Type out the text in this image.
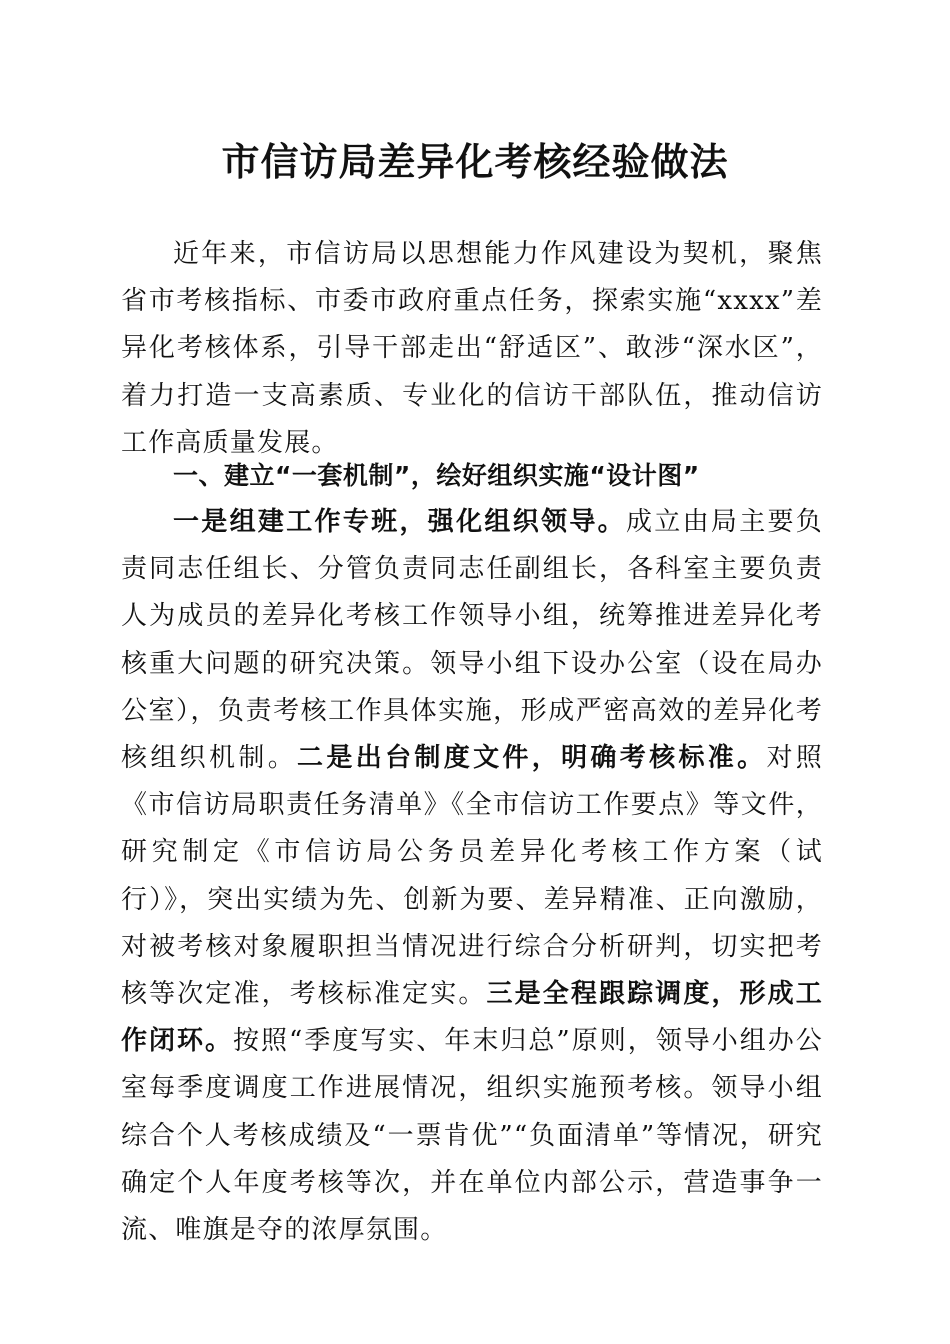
市信访局差异化考核经验做法

近年来，市信访局以思想能力作风建设为契机，聚焦省市考核指标、市委市政府重点任务，探索实施“xxxx”差异化考核体系，引导干部走出“舒适区”、敢涉“深水区”，着力打造一支高素质、专业化的信访干部队伍，推动信访工作高质量发展。

一、建立“一套机制”，绘好组织实施“设计图”

一是组建工作专班，强化组织领导。成立由局主要负责同志任组长、分管负责同志任副组长，各科室主要负责人为成员的差异化考核工作领导小组，统筹推进差异化考核重大问题的研究决策。领导小组下设办公室（设在局办公室），负责考核工作具体实施，形成严密高效的差异化考核组织机制。二是出台制度文件，明确考核标准。对照《市信访局职责任务清单》《全市信访工作要点》等文件，研究制定《市信访局公务员差异化考核工作方案（试行）》，突出实绩为先、创新为要、差异精准、正向激励，对被考核对象履职担当情况进行综合分析研判，切实把考核等次定准，考核标准定实。三是全程跟踪调度，形成工作闭环。按照“季度写实、年末归总”原则，领导小组办公室每季度调度工作进展情况，组织实施预考核。领导小组综合个人考核成绩及“一票肯优”“负面清单”等情况，研究确定个人年度考核等次，并在单位内部公示，营造事争一流、唯旗是夺的浓厚氛围。
